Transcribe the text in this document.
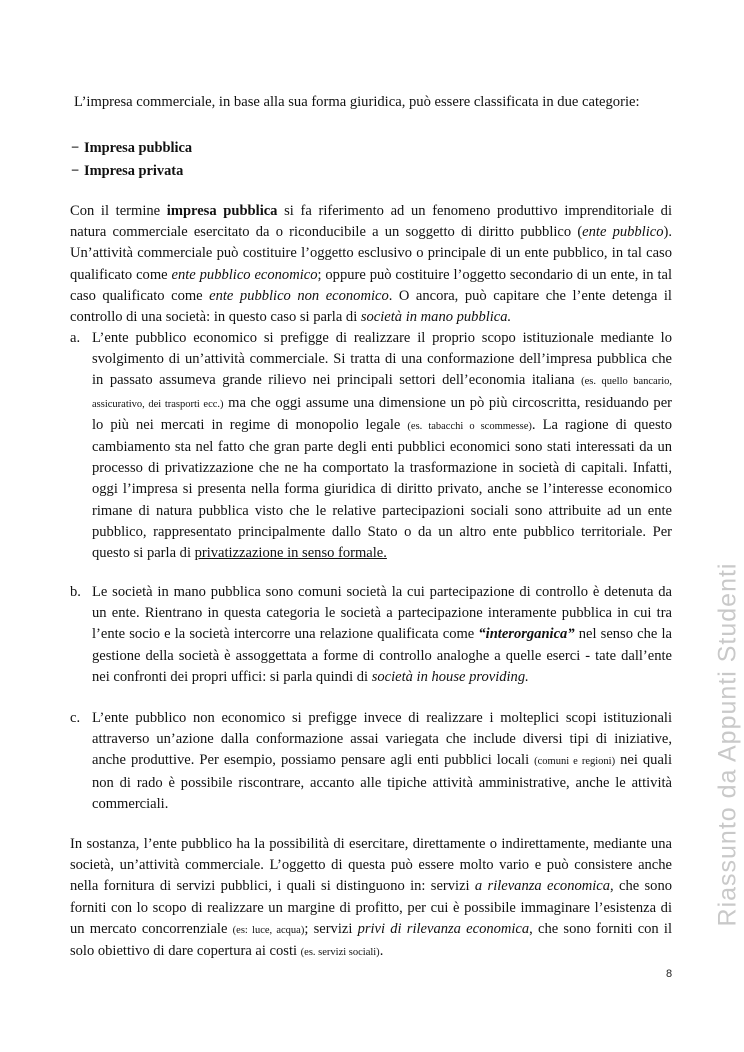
L’impresa commerciale, in base alla sua forma giuridica, può essere classificata in due categorie:

− Impresa pubblica
− Impresa privata

Con il termine impresa pubblica si fa riferimento ad un fenomeno produttivo imprenditoriale di natura commerciale esercitato da o riconducibile a un soggetto di diritto pubblico (ente pubblico). Un’attività commerciale può costituire l’oggetto esclusivo o principale di un ente pubblico, in tal caso qualificato come ente pubblico economico; oppure può costituire l’oggetto secondario di un ente, in tal caso qualificato come ente pubblico non economico. O ancora, può capitare che l’ente detenga il controllo di una società: in questo caso si parla di società in mano pubblica.

a. L’ente pubblico economico si prefigge di realizzare il proprio scopo istituzionale mediante lo svolgimento di un’attività commerciale. Si tratta di una conformazione dell’impresa pubblica che in passato assumeva grande rilievo nei principali settori dell’economia italiana (es. quello bancario, assicurativo, dei trasporti ecc.) ma che oggi assume una dimensione un pò più circoscritta, residuando per lo più nei mercati in regime di monopolio legale (es. tabacchi o scommesse). La ragione di questo cambiamento sta nel fatto che gran parte degli enti pubblici economici sono stati interessati da un processo di privatizzazione che ne ha comportato la trasformazione in società di capitali. Infatti, oggi l’impresa si presenta nella forma giuridica di diritto privato, anche se l’interesse economico rimane di natura pubblica visto che le relative partecipazioni sociali sono attribuite ad un ente pubblico, rappresentato principalmente dallo Stato o da un altro ente pubblico territoriale. Per questo si parla di privatizzazione in senso formale.

b. Le società in mano pubblica sono comuni società la cui partecipazione di controllo è detenuta da un ente. Rientrano in questa categoria le società a partecipazione interamente pubblica in cui tra l’ente socio e la società intercorre una relazione qualificata come “interorganica” nel senso che la gestione della società è assoggettata a forme di controllo analoghe a quelle eserci - tate dall’ente nei confronti dei propri uffici: si parla quindi di società in house providing.

c. L’ente pubblico non economico si prefigge invece di realizzare i molteplici scopi istituzionali attraverso un’azione dalla conformazione assai variegata che include diversi tipi di iniziative, anche produttive. Per esempio, possiamo pensare agli enti pubblici locali (comuni e regioni) nei quali non di rado è possibile riscontrare, accanto alle tipiche attività amministrative, anche le attività commerciali.

In sostanza, l’ente pubblico ha la possibilità di esercitare, direttamente o indirettamente, mediante una società, un’attività commerciale. L’oggetto di questa può essere molto vario e può consistere anche nella fornitura di servizi pubblici, i quali si distinguono in: servizi a rilevanza economica, che sono forniti con lo scopo di realizzare un margine di profitto, per cui è possibile immaginare l’esistenza di un mercato concorrenziale (es: luce, acqua); servizi privi di rilevanza economica, che sono forniti con il solo obiettivo di dare copertura ai costi (es. servizi sociali).

Riassunto da Appunti Studenti
8
